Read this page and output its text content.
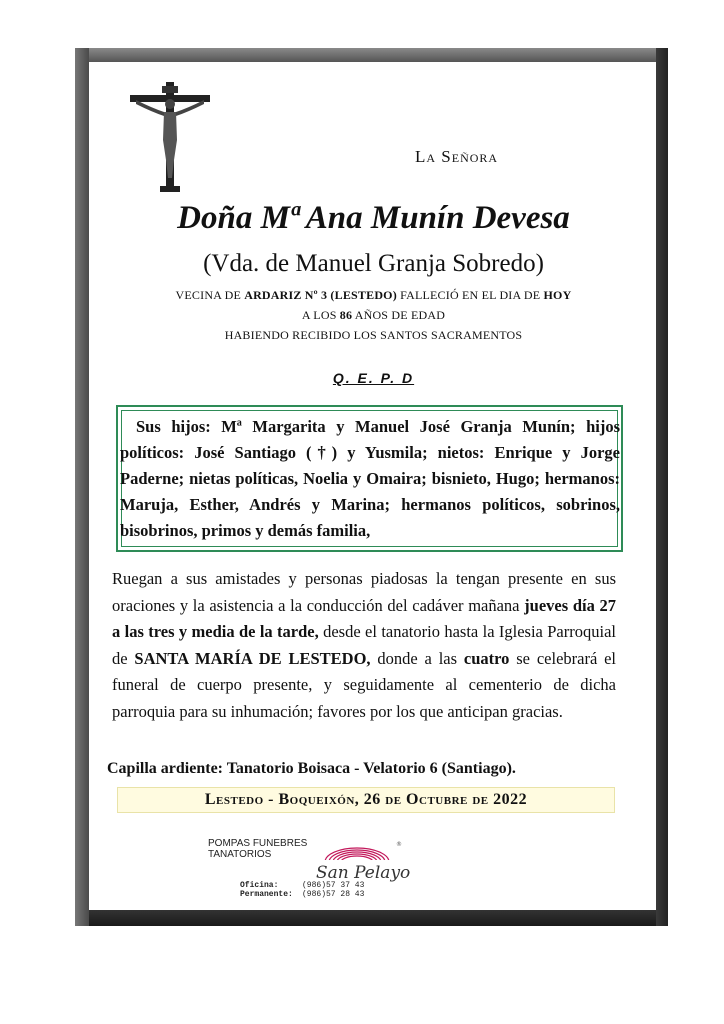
La Señora
Doña Mª Ana Munín Devesa
(Vda. de Manuel Granja Sobredo)
VECINA DE ARDARIZ Nº 3 (LESTEDO) FALLECIÓ EN EL DIA DE HOY
A LOS 86 AÑOS DE EDAD
HABIENDO RECIBIDO LOS SANTOS SACRAMENTOS
Q. E. P. D

Sus hijos: Mª Margarita y Manuel José Granja Munín; hijos políticos: José Santiago (†) y Yusmila; nietos: Enrique y Jorge Paderne; nietas políticas, Noelia y Omaira; bisnieto, Hugo; hermanos: Maruja, Esther, Andrés y Marina; hermanos políticos, sobrinos, bisobrinos, primos y demás familia,

Ruegan a sus amistades y personas piadosas la tengan presente en sus oraciones y la asistencia a la conducción del cadáver mañana jueves día 27 a las tres y media de la tarde, desde el tanatorio hasta la Iglesia Parroquial de SANTA MARÍA DE LESTEDO, donde a las cuatro se celebrará el funeral de cuerpo presente, y seguidamente al cementerio de dicha parroquia para su inhumación; favores por los que anticipan gracias.
Capilla ardiente: Tanatorio Boisaca - Velatorio 6 (Santiago).
Lestedo - Boqueixón, 26 de Octubre de 2022
POMPAS FUNEBRES
TANATORIOS
San Pelayo
®
Oficina:	(986)57 37 43
Permanente: (986)57 28 43
